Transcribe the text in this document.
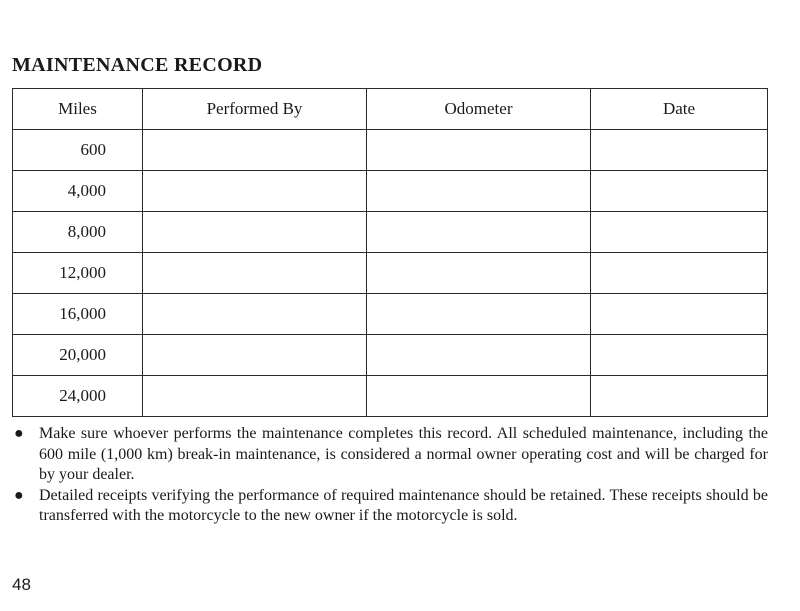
MAINTENANCE RECORD
Miles	Performed By	Odometer	Date
600			
4,000			
8,000			
12,000			
16,000			
20,000			
24,000			
● Make sure whoever performs the maintenance completes this record. All scheduled maintenance, including the 600 mile (1,000 km) break-in maintenance, is considered a normal owner operating cost and will be charged for by your dealer.
● Detailed receipts verifying the performance of required maintenance should be retained. These receipts should be transferred with the motorcycle to the new owner if the motorcycle is sold.
48
